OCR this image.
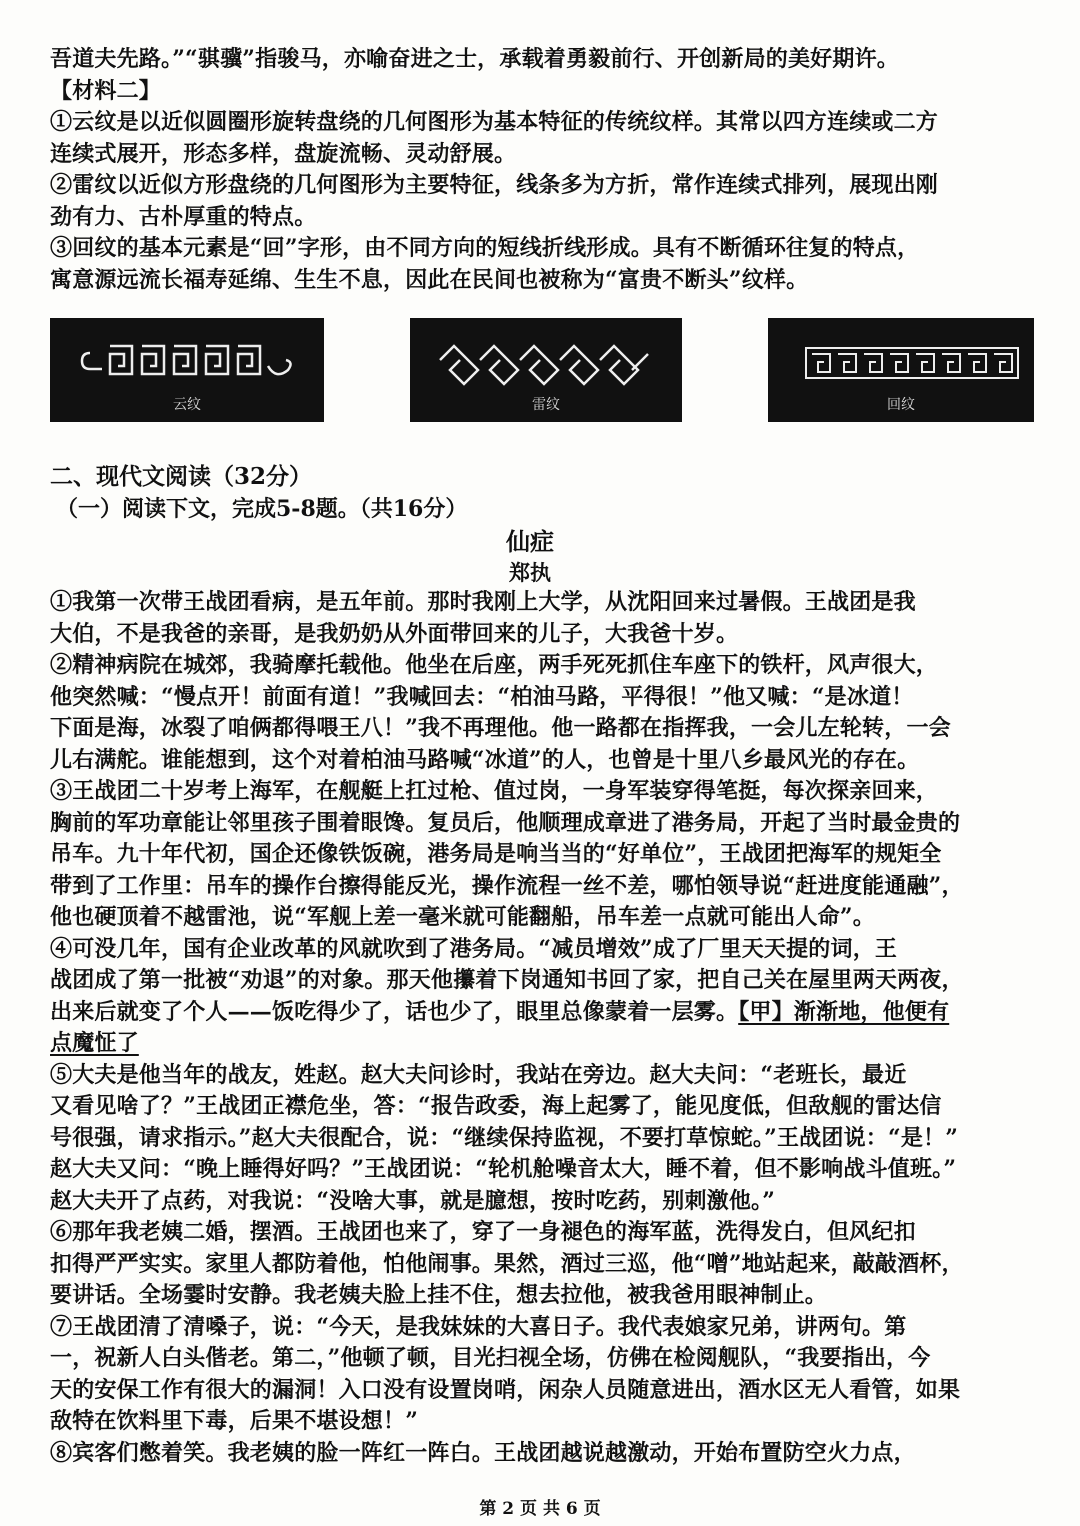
吾道夫先路。”“骐骥”指骏马，亦喻奋进之士，承载着勇毅前行、开创新局的美好期许。
【材料二】
①云纹是以近似圆圈形旋转盘绕的几何图形为基本特征的传统纹样。其常以四方连续或二方
连续式展开，形态多样，盘旋流畅、灵动舒展。
②雷纹以近似方形盘绕的几何图形为主要特征，线条多为方折，常作连续式排列，展现出刚
劲有力、古朴厚重的特点。
③回纹的基本元素是“回”字形，由不同方向的短线折线形成。具有不断循环往复的特点，
寓意源远流长福寿延绵、生生不息，因此在民间也被称为“富贵不断头”纹样。
云纹	雷纹	回纹
二、现代文阅读（32分）
（一）阅读下文，完成5-8题。（共16分）
仙症
郑执
①我第一次带王战团看病，是五年前。那时我刚上大学，从沈阳回来过暑假。王战团是我
大伯，不是我爸的亲哥，是我奶奶从外面带回来的儿子，大我爸十岁。
②精神病院在城郊，我骑摩托载他。他坐在后座，两手死死抓住车座下的铁杆，风声很大，
他突然喊：“慢点开！前面有道！”我喊回去：“柏油马路，平得很！”他又喊：“是冰道！
下面是海，冰裂了咱俩都得喂王八！”我不再理他。他一路都在指挥我，一会儿左轮转，一会
儿右满舵。谁能想到，这个对着柏油马路喊“冰道”的人，也曾是十里八乡最风光的存在。
③王战团二十岁考上海军，在舰艇上扛过枪、值过岗，一身军装穿得笔挺，每次探亲回来，
胸前的军功章能让邻里孩子围着眼馋。复员后，他顺理成章进了港务局，开起了当时最金贵的
吊车。九十年代初，国企还像铁饭碗，港务局是响当当的“好单位”，王战团把海军的规矩全
带到了工作里：吊车的操作台擦得能反光，操作流程一丝不差，哪怕领导说“赶进度能通融”，
他也硬顶着不越雷池，说“军舰上差一毫米就可能翻船，吊车差一点就可能出人命”。
④可没几年，国有企业改革的风就吹到了港务局。“减员增效”成了厂里天天提的词，王
战团成了第一批被“劝退”的对象。那天他攥着下岗通知书回了家，把自己关在屋里两天两夜，
出来后就变了个人——饭吃得少了，话也少了，眼里总像蒙着一层雾。【甲】渐渐地，他便有
点魔怔了
⑤大夫是他当年的战友，姓赵。赵大夫问诊时，我站在旁边。赵大夫问：“老班长，最近
又看见啥了？”王战团正襟危坐，答：“报告政委，海上起雾了，能见度低，但敌舰的雷达信
号很强，请求指示。”赵大夫很配合，说：“继续保持监视，不要打草惊蛇。”王战团说：“是！”
赵大夫又问：“晚上睡得好吗？”王战团说：“轮机舱噪音太大，睡不着，但不影响战斗值班。”
赵大夫开了点药，对我说：“没啥大事，就是臆想，按时吃药，别刺激他。”
⑥那年我老姨二婚，摆酒。王战团也来了，穿了一身褪色的海军蓝，洗得发白，但风纪扣
扣得严严实实。家里人都防着他，怕他闹事。果然，酒过三巡，他“噌”地站起来，敲敲酒杯，
要讲话。全场霎时安静。我老姨夫脸上挂不住，想去拉他，被我爸用眼神制止。
⑦王战团清了清嗓子，说：“今天，是我妹妹的大喜日子。我代表娘家兄弟，讲两句。第
一，祝新人白头偕老。第二，”他顿了顿，目光扫视全场，仿佛在检阅舰队，“我要指出，今
天的安保工作有很大的漏洞！入口没有设置岗哨，闲杂人员随意进出，酒水区无人看管，如果
敌特在饮料里下毒，后果不堪设想！”
⑧宾客们憋着笑。我老姨的脸一阵红一阵白。王战团越说越激动，开始布置防空火力点，
第 2 页 共 6 页
